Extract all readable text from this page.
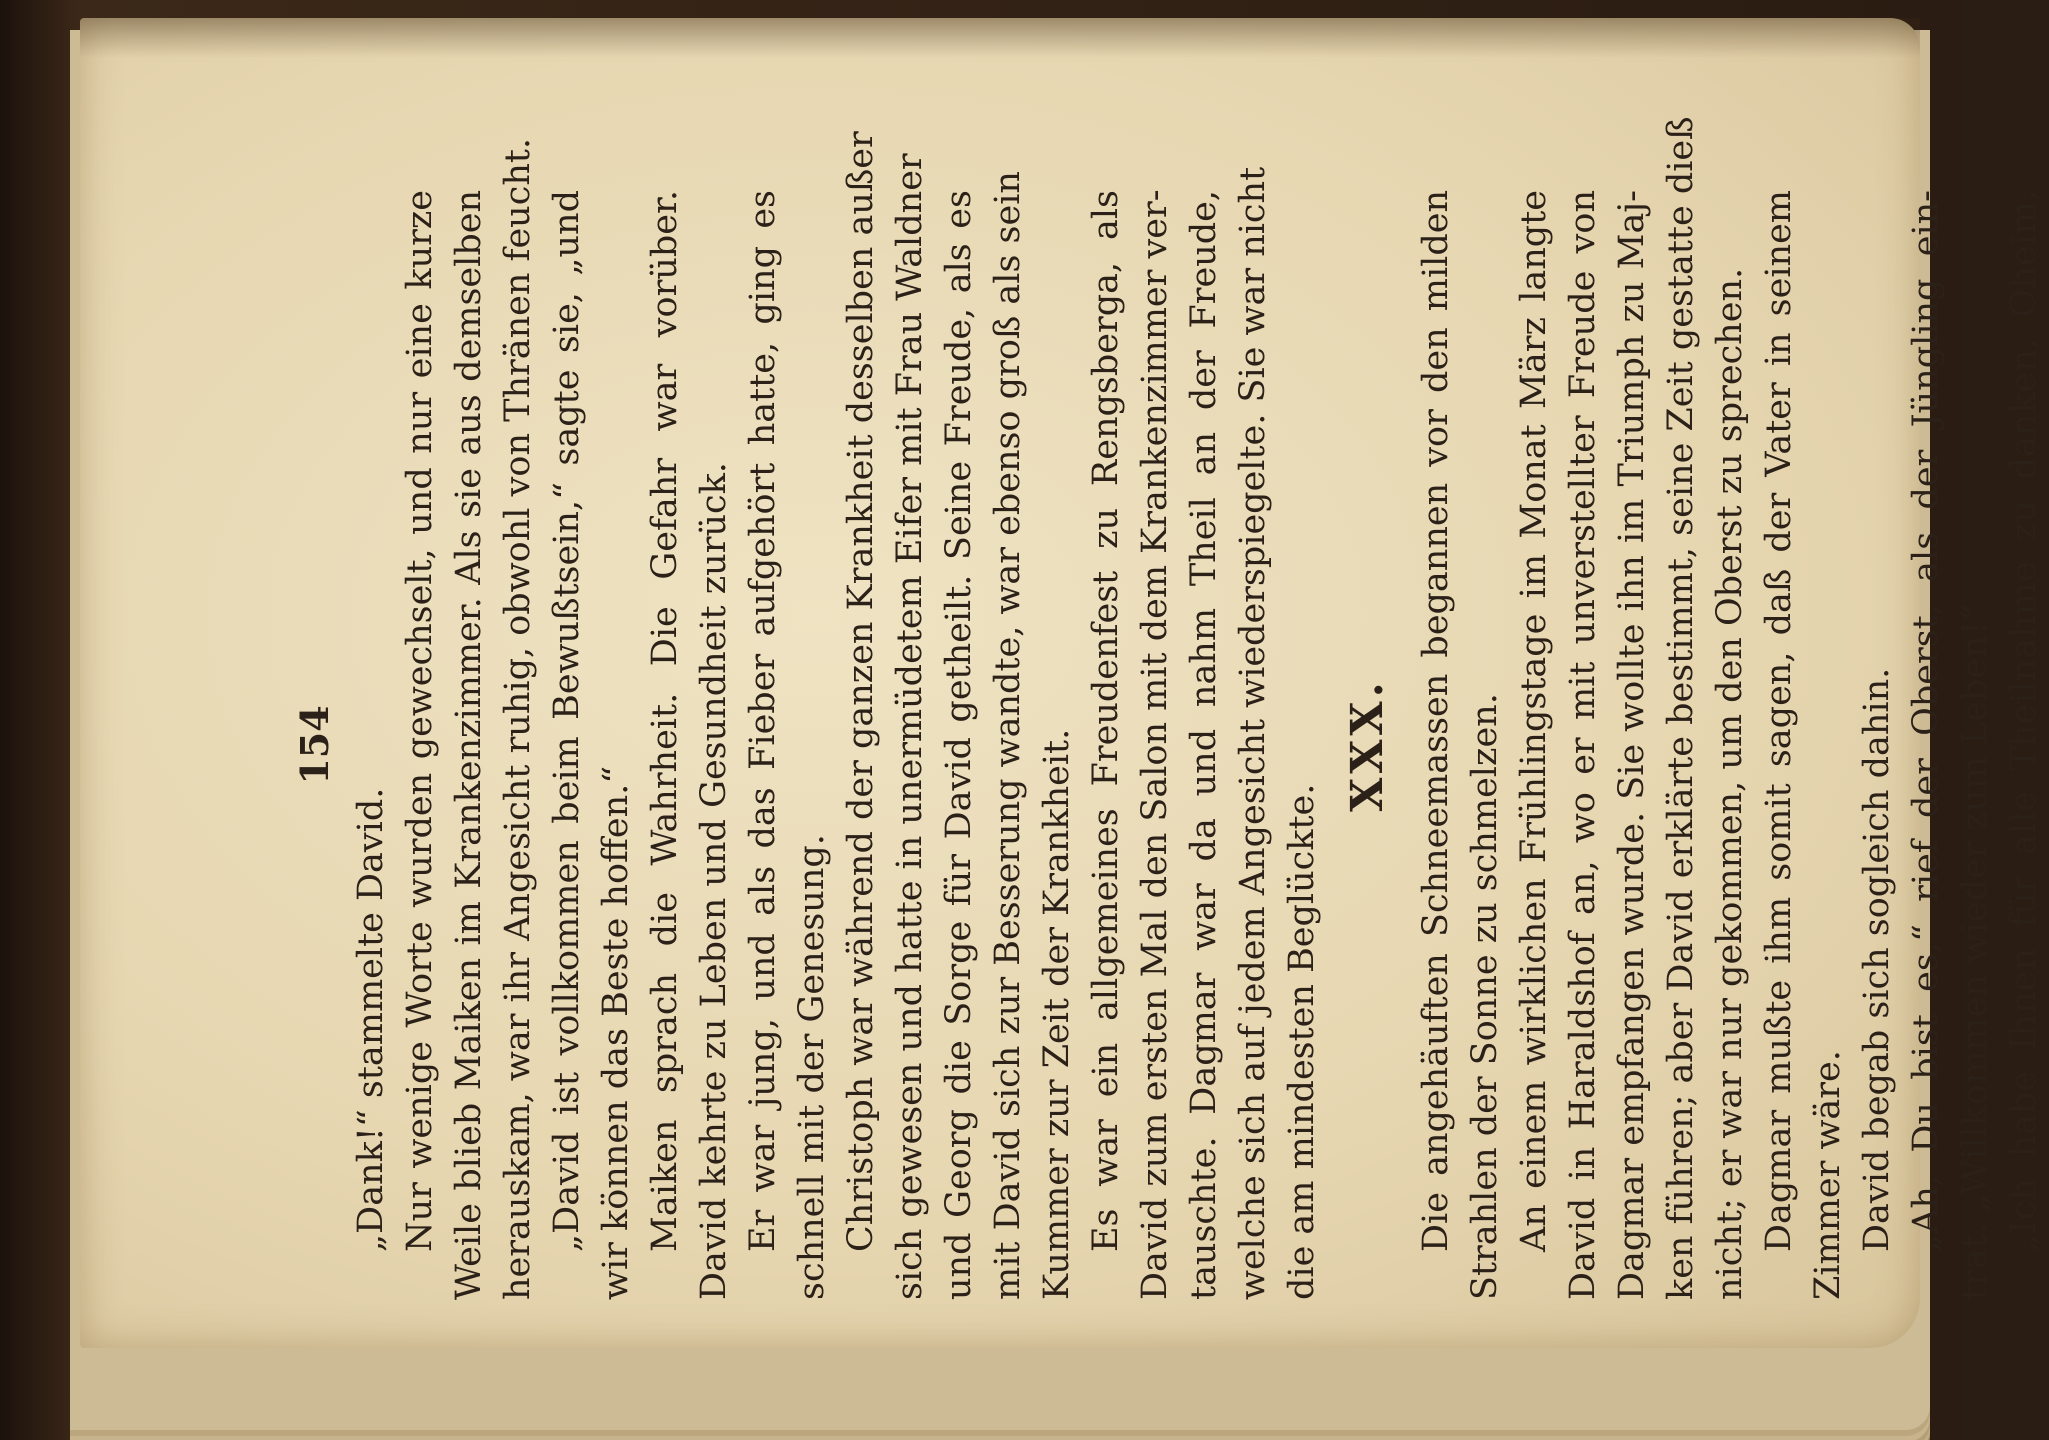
154
„Dank!“ stammelte David. Nur wenige Worte wurden gewechselt, und nur eine kurze Weile blieb Maiken im Krankenzimmer. Als sie aus demselben herauskam, war ihr Angesicht ruhig, obwohl von Thränen feucht. „David ist vollkommen beim Bewußtsein,“ sagte sie, „und wir können das Beste hoffen.“ Maiken sprach die Wahrheit. Die Gefahr war vorüber. David kehrte zu Leben und Gesundheit zurück. Er war jung, und als das Fieber aufgehört hatte, ging es schnell mit der Genesung. Christoph war während der ganzen Krankheit desselben außer sich gewesen und hatte in unermüdetem Eifer mit Frau Waldner und Georg die Sorge für David getheilt. Seine Freude, als es mit David sich zur Besserung wandte, war ebenso groß als sein Kummer zur Zeit der Krankheit. Es war ein allgemeines Freudenfest zu Rengsberga, als David zum ersten Mal den Salon mit dem Krankenzimmer ver- tauschte. Dagmar war da und nahm Theil an der Freude, welche sich auf jedem Angesicht wiederspiegelte. Sie war nicht die am mindesten Beglückte.
XXX. Die angehäuften Schneemassen begannen vor den milden Strahlen der Sonne zu schmelzen. An einem wirklichen Frühlingstage im Monat März langte David in Haraldshof an, wo er mit unverstellter Freude von Dagmar empfangen wurde. Sie wollte ihn im Triumph zu Maj- ken führen; aber David erklärte bestimmt, seine Zeit gestatte dieß nicht; er war nur gekommen, um den Oberst zu sprechen. Dagmar mußte ihm somit sagen, daß der Vater in seinem Zimmer wäre. David begab sich sogleich dahin. „Ah, Du bist es,“ rief der Oberst, als der Jüngling ein- trat. „Willkommen wieder zum Leben!“ „Ich habe Ihnen für alle Theilnahme zu danken, Oheim,
